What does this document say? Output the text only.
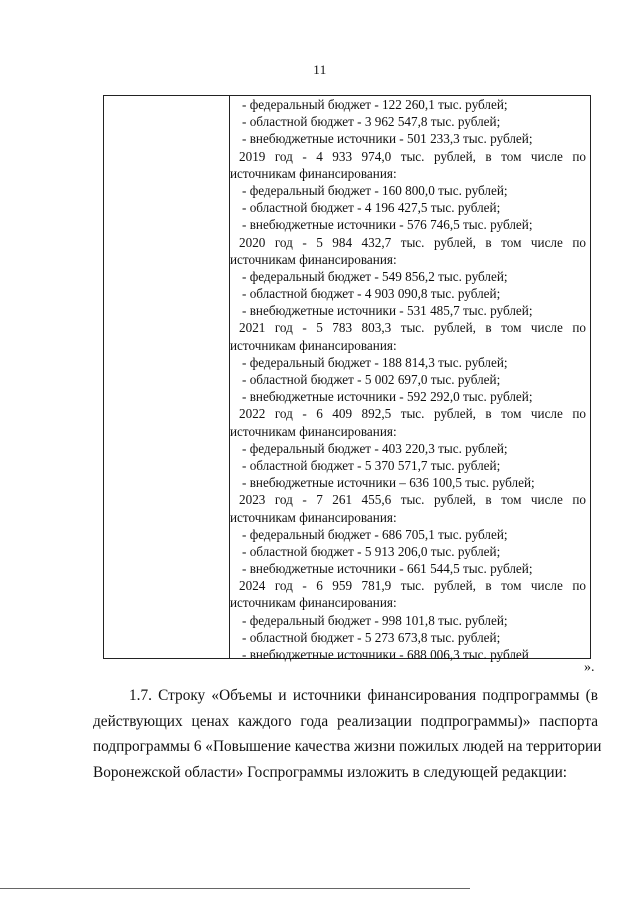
11
- федеральный бюджет - 122 260,1 тыс. рублей;
- областной бюджет - 3 962 547,8 тыс. рублей;
- внебюджетные источники - 501 233,3 тыс. рублей;
2019 год - 4 933 974,0 тыс. рублей, в том числе по
источникам финансирования:
- федеральный бюджет - 160 800,0 тыс. рублей;
- областной бюджет - 4 196 427,5 тыс. рублей;
- внебюджетные источники - 576 746,5 тыс. рублей;
2020 год - 5 984 432,7 тыс. рублей, в том числе по
источникам финансирования:
- федеральный бюджет - 549 856,2 тыс. рублей;
- областной бюджет - 4 903 090,8 тыс. рублей;
- внебюджетные источники - 531 485,7 тыс. рублей;
2021 год - 5 783 803,3 тыс. рублей, в том числе по
источникам финансирования:
- федеральный бюджет - 188 814,3 тыс. рублей;
- областной бюджет - 5 002 697,0 тыс. рублей;
- внебюджетные источники - 592 292,0 тыс. рублей;
2022 год - 6 409 892,5 тыс. рублей, в том числе по
источникам финансирования:
- федеральный бюджет - 403 220,3 тыс. рублей;
- областной бюджет - 5 370 571,7 тыс. рублей;
- внебюджетные источники – 636 100,5 тыс. рублей;
2023 год - 7 261 455,6 тыс. рублей, в том числе по
источникам финансирования:
- федеральный бюджет - 686 705,1 тыс. рублей;
- областной бюджет - 5 913 206,0 тыс. рублей;
- внебюджетные источники - 661 544,5 тыс. рублей;
2024 год - 6 959 781,9 тыс. рублей, в том числе по
источникам финансирования:
- федеральный бюджет - 998 101,8 тыс. рублей;
- областной бюджет - 5 273 673,8 тыс. рублей;
- внебюджетные источники - 688 006,3 тыс. рублей
».
1.7. Строку «Объемы и источники финансирования подпрограммы (в
действующих ценах каждого года реализации подпрограммы)» паспорта
подпрограммы 6 «Повышение качества жизни пожилых людей на территории
Воронежской области» Госпрограммы изложить в следующей редакции:
